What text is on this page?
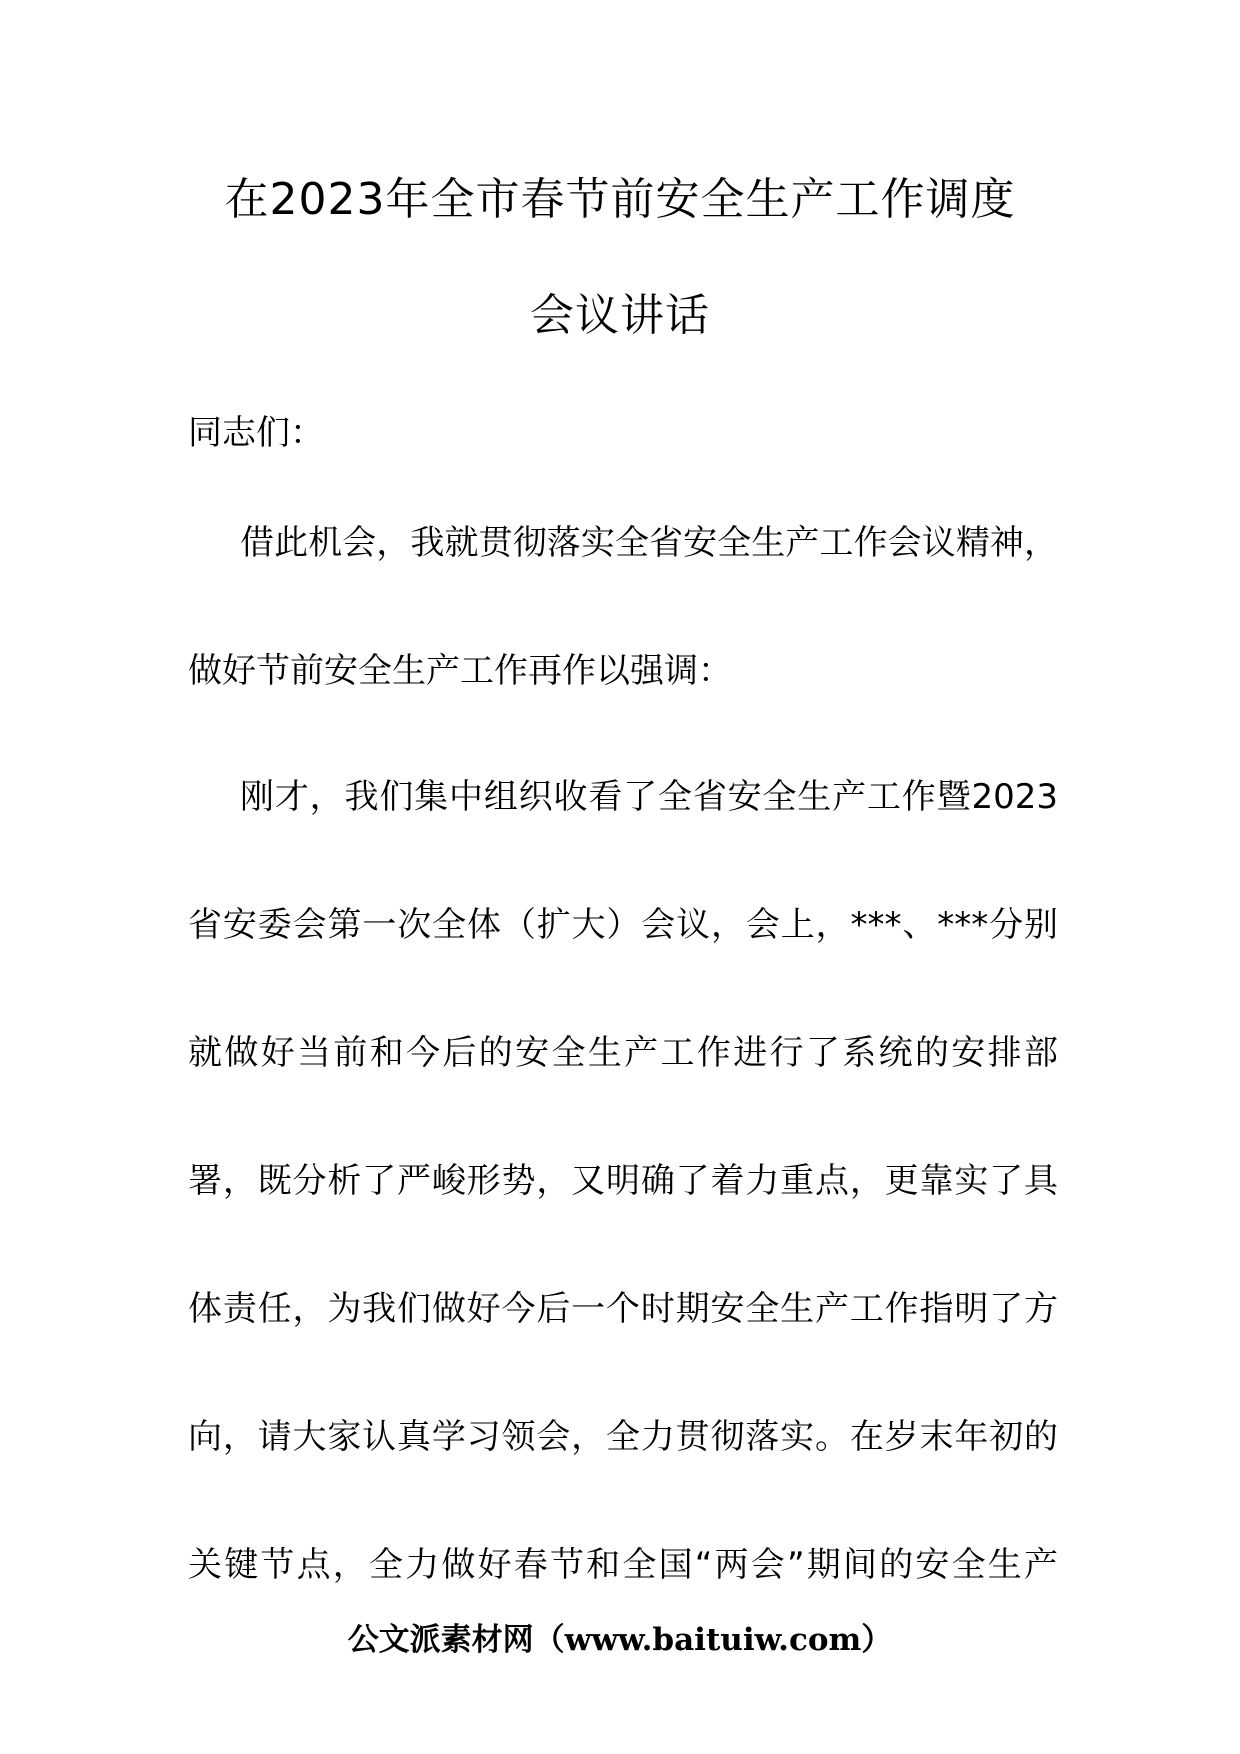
在2023年全市春节前安全生产工作调度
会议讲话
同志们：
借此机会，我就贯彻落实全省安全生产工作会议精神，
做好节前安全生产工作再作以强调：
刚才，我们集中组织收看了全省安全生产工作暨2023
省安委会第一次全体（扩大）会议，会上，***、***分别
就做好当前和今后的安全生产工作进行了系统的安排部
署，既分析了严峻形势，又明确了着力重点，更靠实了具
体责任，为我们做好今后一个时期安全生产工作指明了方
向，请大家认真学习领会，全力贯彻落实。在岁末年初的
关键节点，全力做好春节和全国“两会”期间的安全生产
公文派素材网（www.baituiw.com）
